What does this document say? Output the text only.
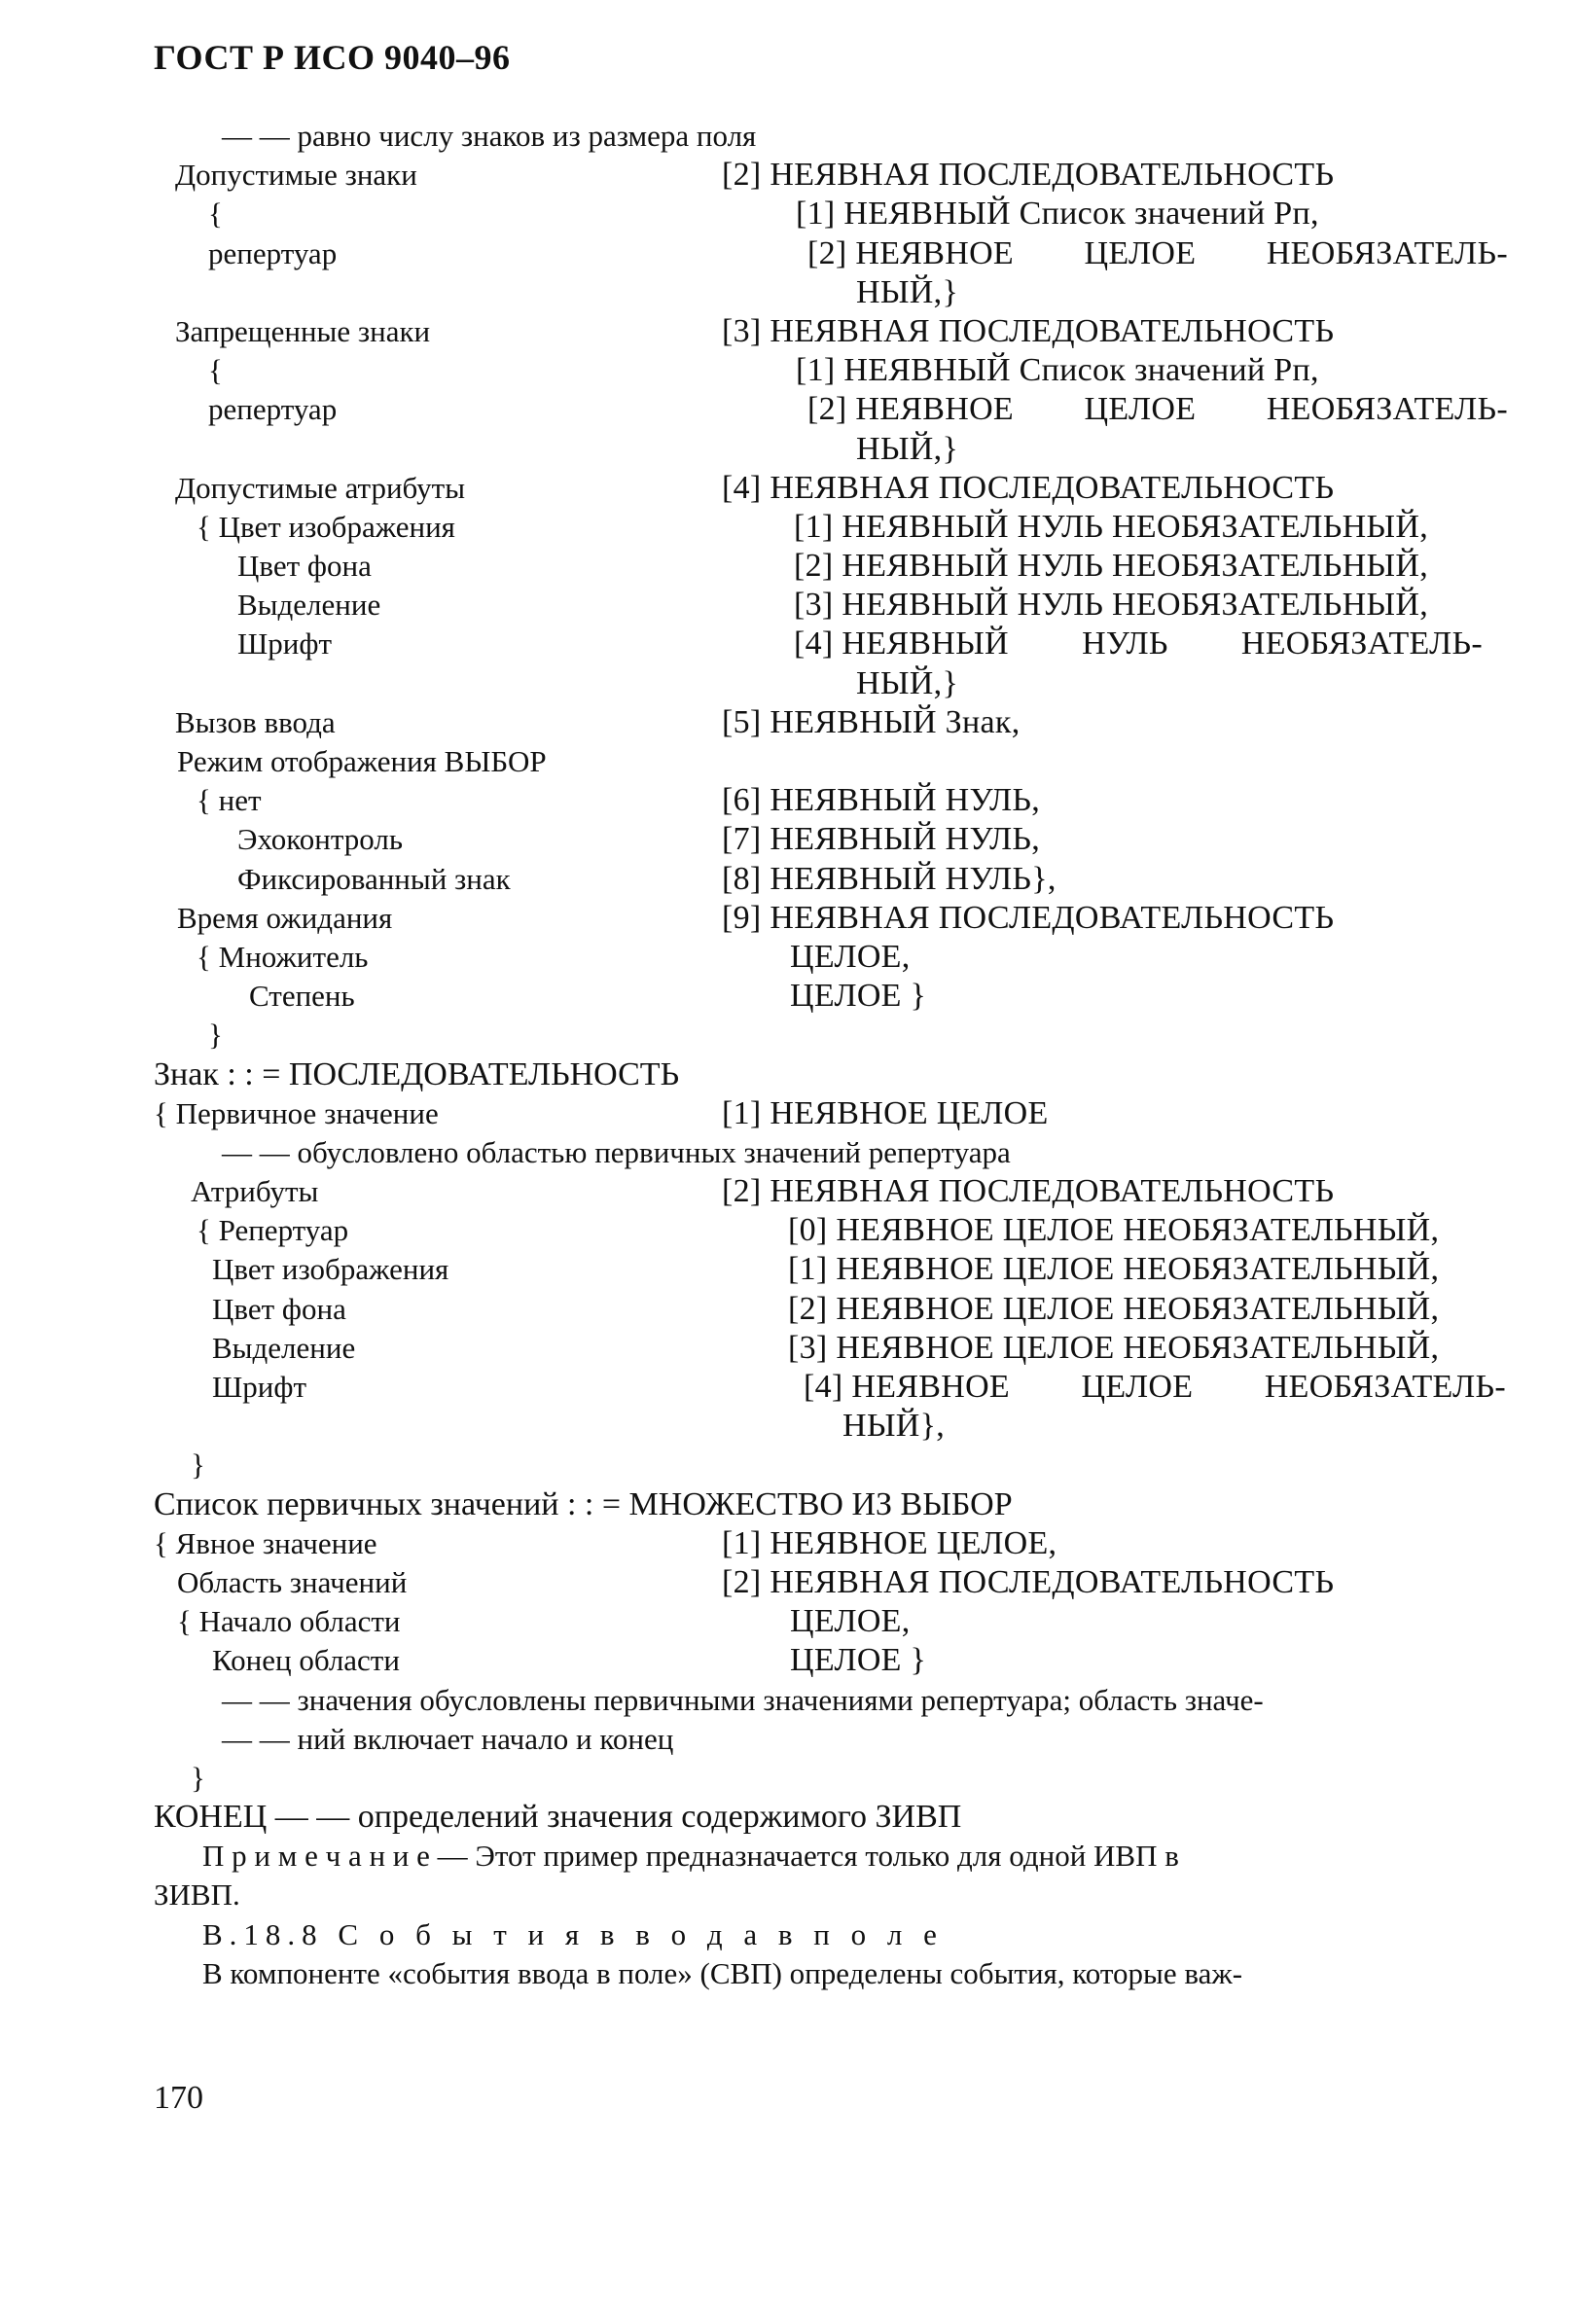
ГОСТ Р ИСО 9040–96
— — равно числу знаков из размера поля
Допустимые знаки	[2] НЕЯВНАЯ ПОСЛЕДОВАТЕЛЬНОСТЬ
{	[1] НЕЯВНЫЙ Список значений Рп,
репертуар	[2] НЕЯВНОЕ ЦЕЛОЕ НЕОБЯЗАТЕЛЬ-
НЫЙ,}
Запрещенные знаки	[3] НЕЯВНАЯ ПОСЛЕДОВАТЕЛЬНОСТЬ
{	[1] НЕЯВНЫЙ Список значений Рп,
репертуар	[2] НЕЯВНОЕ ЦЕЛОЕ НЕОБЯЗАТЕЛЬ-
НЫЙ,}
Допустимые атрибуты	[4] НЕЯВНАЯ ПОСЛЕДОВАТЕЛЬНОСТЬ
{ Цвет изображения	[1] НЕЯВНЫЙ НУЛЬ НЕОБЯЗАТЕЛЬНЫЙ,
Цвет фона	[2] НЕЯВНЫЙ НУЛЬ НЕОБЯЗАТЕЛЬНЫЙ,
Выделение	[3] НЕЯВНЫЙ НУЛЬ НЕОБЯЗАТЕЛЬНЫЙ,
Шрифт	[4] НЕЯВНЫЙ НУЛЬ НЕОБЯЗАТЕЛЬ-
НЫЙ,}
Вызов ввода	[5] НЕЯВНЫЙ Знак,
Режим отображения ВЫБОР
{ нет	[6] НЕЯВНЫЙ НУЛЬ,
Эхоконтроль	[7] НЕЯВНЫЙ НУЛЬ,
Фиксированный знак	[8] НЕЯВНЫЙ НУЛЬ},
Время ожидания	[9] НЕЯВНАЯ ПОСЛЕДОВАТЕЛЬНОСТЬ
{ Множитель	ЦЕЛОЕ,
Степень	ЦЕЛОЕ }
}
Знак : : = ПОСЛЕДОВАТЕЛЬНОСТЬ
{ Первичное значение	[1] НЕЯВНОЕ ЦЕЛОЕ
— — обусловлено областью первичных значений репертуара
Атрибуты	[2] НЕЯВНАЯ ПОСЛЕДОВАТЕЛЬНОСТЬ
{ Репертуар	[0] НЕЯВНОЕ ЦЕЛОЕ НЕОБЯЗАТЕЛЬНЫЙ,
Цвет изображения	[1] НЕЯВНОЕ ЦЕЛОЕ НЕОБЯЗАТЕЛЬНЫЙ,
Цвет фона	[2] НЕЯВНОЕ ЦЕЛОЕ НЕОБЯЗАТЕЛЬНЫЙ,
Выделение	[3] НЕЯВНОЕ ЦЕЛОЕ НЕОБЯЗАТЕЛЬНЫЙ,
Шрифт	[4] НЕЯВНОЕ ЦЕЛОЕ НЕОБЯЗАТЕЛЬ-
НЫЙ},
}
Список первичных значений : : = МНОЖЕСТВО ИЗ ВЫБОР
{ Явное значение	[1] НЕЯВНОЕ ЦЕЛОЕ,
Область значений	[2] НЕЯВНАЯ ПОСЛЕДОВАТЕЛЬНОСТЬ
{ Начало области	ЦЕЛОЕ,
Конец области	ЦЕЛОЕ }
— — значения обусловлены первичными значениями репертуара; область значе-
— — ний включает начало и конец
}
КОНЕЦ — — определений значения содержимого ЗИВП
П р и м е ч а н и е — Этот пример предназначается только для одной ИВП в
ЗИВП.
В.18.8 С о б ы т и я в в о д а в п о л е
В компоненте «события ввода в поле» (СВП) определены события, которые важ-
170
